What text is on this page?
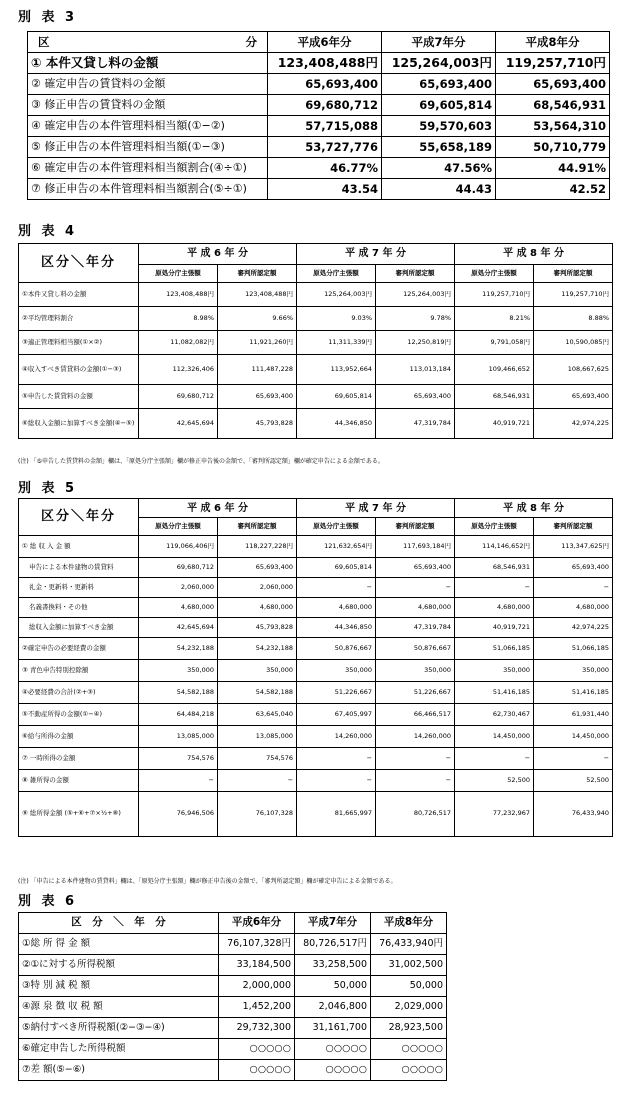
別 表 3
区 分	平成6年分	平成7年分	平成8年分
① 本件又貸し料の金額	123,408,488円	125,264,003円	119,257,710円
② 確定申告の賃貸料の金額	65,693,400	65,693,400	65,693,400
③ 修正申告の賃貸料の金額	69,680,712	69,605,814	68,546,931
④ 確定申告の本件管理料相当額(①−②)	57,715,088	59,570,603	53,564,310
⑤ 修正申告の本件管理料相当額(①−③)	53,727,776	55,658,189	50,710,779
⑥ 確定申告の本件管理料相当額割合(④÷①)	46.77%	47.56%	44.91%
⑦ 修正申告の本件管理料相当額割合(⑤÷①)	43.54	44.43	42.52
別 表 4
区分＼年分	平 成 6 年 分		平 成 7 年 分		平 成 8 年 分	
	原処分庁主張額	審判所認定額	原処分庁主張額	審判所認定額	原処分庁主張額	審判所認定額
①本件又貸し料の金額	123,408,488円	123,408,488円	125,264,003円	125,264,003円	119,257,710円	119,257,710円
②平均管理料割合	8.98%	9.66%	9.03%	9.78%	8.21%	8.88%
③適正管理料相当額(①×②)	11,082,082円	11,921,260円	11,311,339円	12,250,819円	9,791,058円	10,590,085円
④収入すべき賃貸料の金額(①−③)	112,326,406	111,487,228	113,952,664	113,013,184	109,466,652	108,667,625
⑤申告した賃貸料の金額	69,680,712	65,693,400	69,605,814	65,693,400	68,546,931	65,693,400
⑥総収入金額に加算すべき金額(④−⑤)	42,645,694	45,793,828	44,346,850	47,319,784	40,919,721	42,974,225
(注) 「⑤申告した賃貸料の金額」欄は、「原処分庁主張額」欄が修正申告後の金額で、「審判所認定額」欄が確定申告による金額である。
別 表 5
区分＼年分	平 成 6 年 分		平 成 7 年 分		平 成 8 年 分	
	原処分庁主張額	審判所認定額	原処分庁主張額	審判所認定額	原処分庁主張額	審判所認定額
① 総 収 入 金 額	119,066,406円	118,227,228円	121,632,654円	117,693,184円	114,146,652円	113,347,625円
申告による本件建物の賃貸料	69,680,712	65,693,400	69,605,814	65,693,400	68,546,931	65,693,400
礼金・更新料・更新料	2,060,000	2,060,000	−	−	−	−
名義書換料・その他	4,680,000	4,680,000	4,680,000	4,680,000	4,680,000	4,680,000
総収入金額に加算すべき金額	42,645,694	45,793,828	44,346,850	47,319,784	40,919,721	42,974,225
②確定申告の必要経費の金額	54,232,188	54,232,188	50,876,667	50,876,667	51,066,185	51,066,185
③ 青色申告特別控除額	350,000	350,000	350,000	350,000	350,000	350,000
④必要経費の合計(②+③)	54,582,188	54,582,188	51,226,667	51,226,667	51,416,185	51,416,185
⑤不動産所得の金額(①−④)	64,484,218	63,645,040	67,405,997	66,466,517	62,730,467	61,931,440
⑥給与所得の金額	13,085,000	13,085,000	14,260,000	14,260,000	14,450,000	14,450,000
⑦ 一時所得の金額	754,576	754,576	−	−	−	−
⑧ 雑所得の金額	−	−	−	−	52,500	52,500
⑨ 総所得金額 (⑤+⑥+⑦×½+⑧)	76,946,506	76,107,328	81,665,997	80,726,517	77,232,967	76,433,940
(注) 「申告による本件建物の賃貸料」欄は、「原処分庁主張額」欄が修正申告後の金額で、「審判所認定額」欄が確定申告による金額である。
別 表 6
区　分　＼　年　分	平成6年分	平成7年分	平成8年分
①総 所 得 金 額	76,107,328円	80,726,517円	76,433,940円
②①に対する所得税額	33,184,500	33,258,500	31,002,500
③特 別 減 税 額	2,000,000	50,000	50,000
④源 泉 徴 収 税 額	1,452,200	2,046,800	2,029,000
⑤納付すべき所得税額(②−③−④)	29,732,300	31,161,700	28,923,500
⑥確定申告した所得税額	○○○○○	○○○○○	○○○○○
⑦差 額(⑤−⑥)	○○○○○	○○○○○	○○○○○
